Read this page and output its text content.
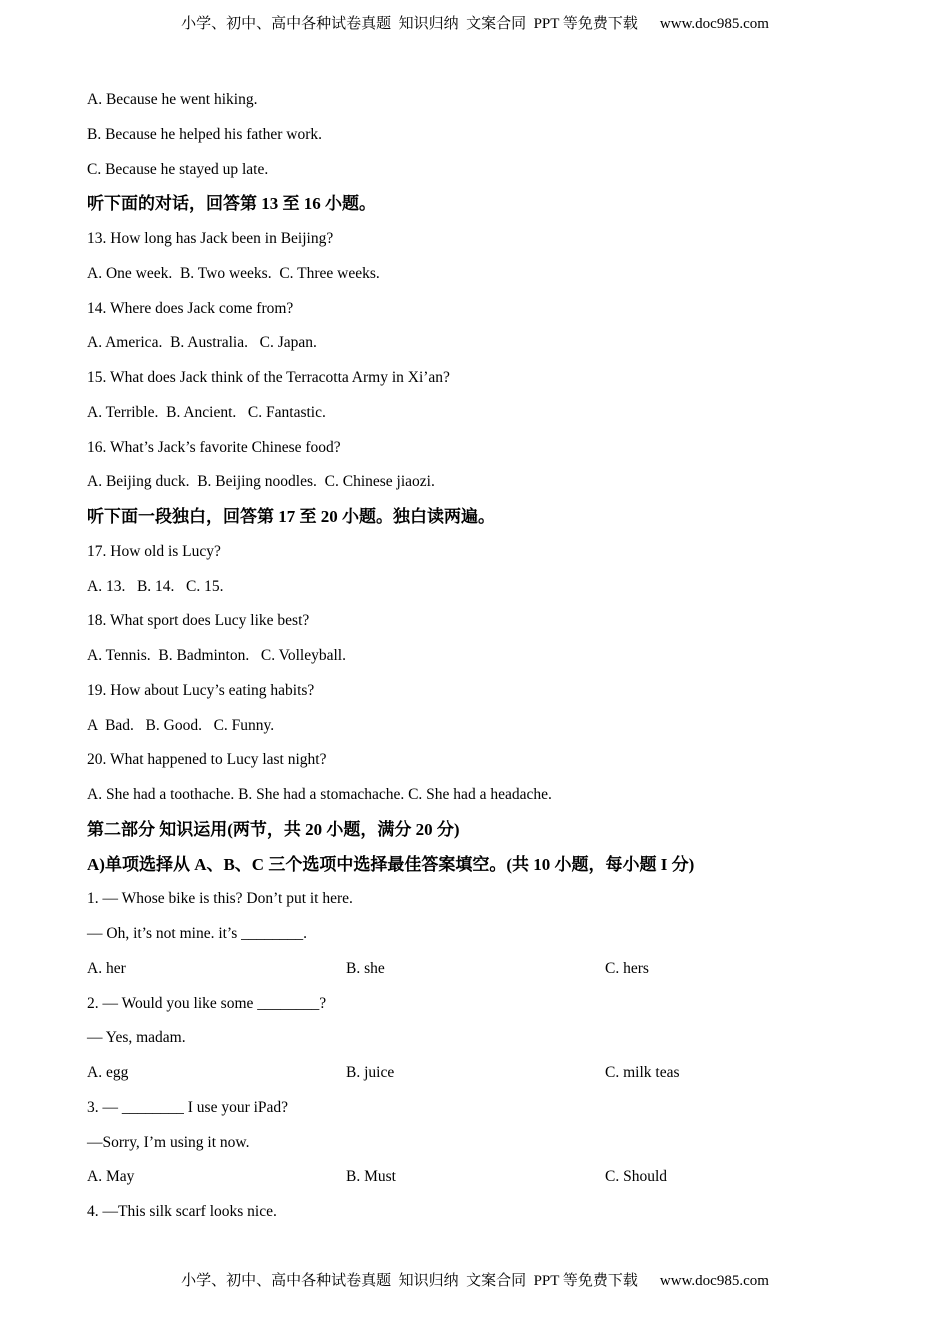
小学、初中、高中各种试卷真题  知识归纳  文案合同  PPT 等免费下载 www.doc985.com
A. Because he went hiking.
B. Because he helped his father work.
C. Because he stayed up late.
听下面的对话，回答第 13 至 16 小题。
13. How long has Jack been in Beijing?
A. One week.  B. Two weeks.  C. Three weeks.
14. Where does Jack come from?
A. America.  B. Australia.   C. Japan.
15. What does Jack think of the Terracotta Army in Xi’an?
A. Terrible.  B. Ancient.   C. Fantastic.
16. What’s Jack’s favorite Chinese food?
A. Beijing duck.  B. Beijing noodles.  C. Chinese jiaozi.
听下面一段独白，回答第 17 至 20 小题。独白读两遍。
17. How old is Lucy?
A. 13.   B. 14.   C. 15.
18. What sport does Lucy like best?
A. Tennis.  B. Badminton.   C. Volleyball.
19. How about Lucy’s eating habits?
A  Bad.   B. Good.   C. Funny.
20. What happened to Lucy last night?
A. She had a toothache. B. She had a stomachache. C. She had a headache.
第二部分 知识运用(两节，共 20 小题，满分 20 分)
A)单项选择从 A、B、C 三个选项中选择最佳答案填空。(共 10 小题，每小题 I 分)
1. — Whose bike is this? Don’t put it here.
— Oh, it’s not mine. it’s ________.
A. her	B. she	C. hers
2. — Would you like some ________?
— Yes, madam.
A. egg	B. juice	C. milk teas
3. — ________ I use your iPad?
—Sorry, I’m using it now.
A. May	B. Must	C. Should
4. —This silk scarf looks nice.
小学、初中、高中各种试卷真题  知识归纳  文案合同  PPT 等免费下载 www.doc985.com
